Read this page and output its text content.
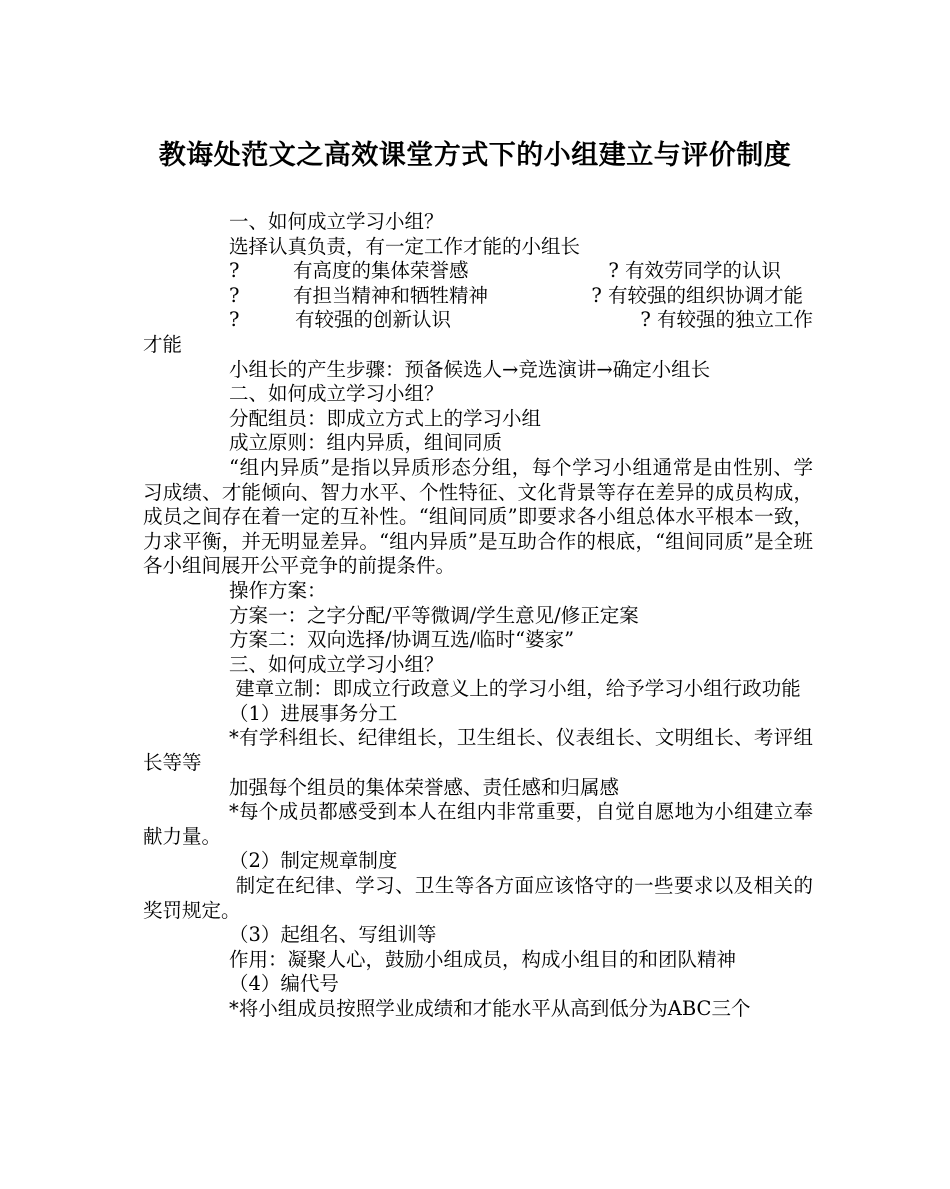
教诲处范文之高效课堂方式下的小组建立与评价制度

一、如何成立学习小组？

选择认真负责，有一定工作才能的小组长

?	有高度的集体荣誉感	? 有效劳同学的认识
?	有担当精神和牺牲精神	? 有较强的组织协调才能
?	有较强的创新认识	? 有较强的独立工作

才能

小组长的产生步骤：预备候选人→竞选演讲→确定小组长

二、如何成立学习小组？

分配组员：即成立方式上的学习小组

成立原则：组内异质，组间同质

“组内异质”是指以异质形态分组，每个学习小组通常是由性别、学习成绩、才能倾向、智力水平、个性特征、文化背景等存在差异的成员构成，成员之间存在着一定的互补性。“组间同质”即要求各小组总体水平根本一致，力求平衡，并无明显差异。“组内异质”是互助合作的根底，“组间同质”是全班各小组间展开公平竞争的前提条件。

操作方案：

方案一：之字分配/平等微调/学生意见/修正定案

方案二：双向选择/协调互选/临时“婆家”

三、如何成立学习小组？

建章立制：即成立行政意义上的学习小组，给予学习小组行政功能

（1）进展事务分工

*有学科组长、纪律组长，卫生组长、仪表组长、文明组长、考评组长等等

加强每个组员的集体荣誉感、责任感和归属感

*每个成员都感受到本人在组内非常重要，自觉自愿地为小组建立奉献力量。

（2）制定规章制度

制定在纪律、学习、卫生等各方面应该恪守的一些要求以及相关的奖罚规定。

（3）起组名、写组训等

作用：凝聚人心，鼓励小组成员，构成小组目的和团队精神

（4）编代号

*将小组成员按照学业成绩和才能水平从高到低分为ABC三个
